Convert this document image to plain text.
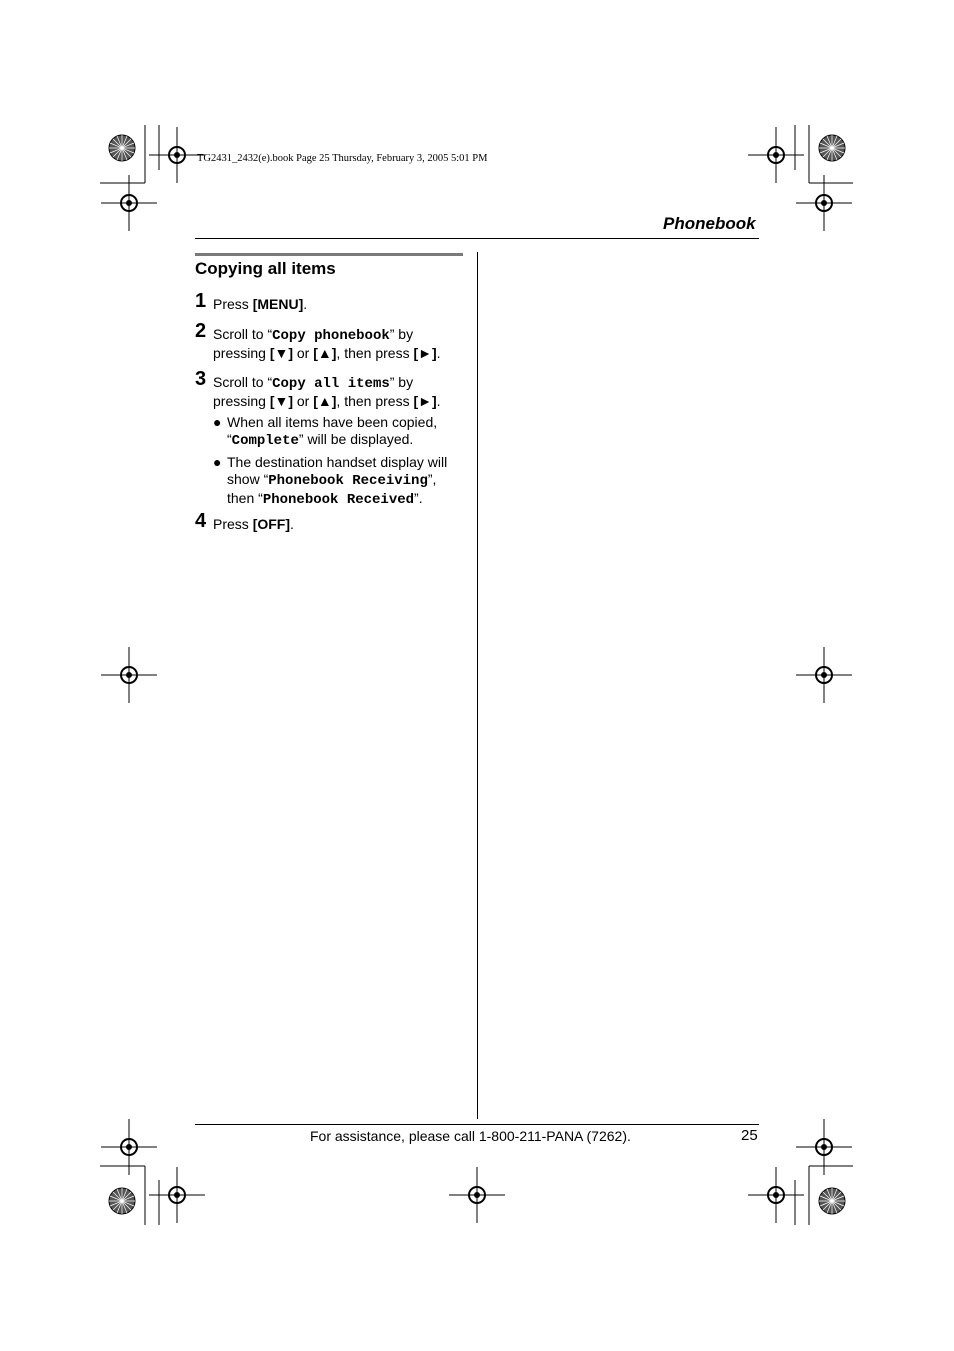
TG2431_2432(e).book Page 25 Thursday, February 3, 2005 5:01 PM
Phonebook
Copying all items
1 Press [MENU].
2 Scroll to “Copy phonebook” by pressing [▼] or [▲], then press [►].
3 Scroll to “Copy all items” by pressing [▼] or [▲], then press [►].
● When all items have been copied, “Complete” will be displayed.
● The destination handset display will show “Phonebook Receiving”, then “Phonebook Received”.
4 Press [OFF].
For assistance, please call 1-800-211-PANA (7262).	25
